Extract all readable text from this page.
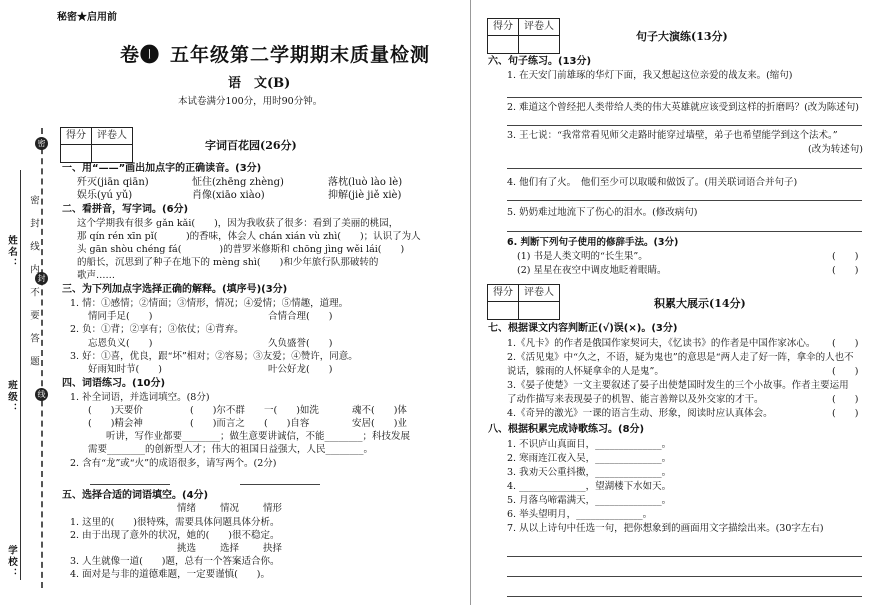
秘密★启用前
卷❶ 五年级第二学期期末质量检测
语　文(B)
本试卷满分100分，用时90分钟。
密
封
线
密　封　线　内　不　要　答　题
姓名：
班级：
学校：
得分	评卷人
字词百花园(26分)
一、用“——”画出加点字的正确读音。(3分)
歼灭(jiān qiān)	怔住(zhēng zhèng)	落枕(luò lào lè)
娱乐(yú yǔ)	肖像(xiāo xiào)	抑解(jiè jiě xiè)
二、看拼音，写字词。(6分)
这个学期我有很多 gǎn kǎi(　　)，因为我收获了很多：看到了美丽的桃园，
那 qín rén xīn pǐ(　　　)的香味，体会人 chán xián vù zhì(　　)；认识了为人
头 gān shòu chéng fá(　　　　)的普罗米修斯和 chōng jìng wěi lái(　　)
的船长，沉思到了种子在地下的 mèng shì(　　)和少年旅行队那破转的
歌声……
三、为下列加点字选择正确的解释。(填序号)(3分)
1. 情：①感情；②情面；③情形，情况；④爱情；⑤情趣，道理。
情同手足(　　)	合情合理(　　)
2. 负：①背；②享有；③依仗；④背弃。
忘恩负义(　　)	久负盛誉(　　)
3. 好：①喜，优良，跟“坏”相对；②容易；③友爱；④赞许，同意。
好雨知时节(　　)	叶公好龙(　　)
四、词语练习。(10分)
1. 补全词语，并选词填空。(8分)
(　　)天要价	(　　)尔不群 一(　　)如洗	魂不(　　)体
(　　)精会神	(　　)而言之 (　　)自容	安居(　　)业
听讲，写作业都要________；做生意要讲诚信，不能________；科技发展
需要________的创新型人才；伟大的祖国日益强大，人民________。
2. 含有“龙”或“火”的成语很多，请写两个。(2分)
五、选择合适的词语填空。(4分)
情绪	情况	情形
1. 这里的(　　)很特殊，需要具体问题具体分析。
2. 由于出现了意外的状况，她的(　　)很不稳定。
挑选	选择	抉择
3. 人生就像一道(　　)题，总有一个答案适合你。
4. 面对是与非的道德难题，一定要谨慎(　　)。
得分	评卷人
句子大演练(13分)
六、句子练习。(13分)
1. 在天安门前雄琢的华灯下面，我又想起这位亲爱的战友来。(缩句)
2. 难道这个曾经把人类带给人类的伟大英雄就应该受到这样的折磨吗？(改为陈述句)
3. 王七说：“我常常看见师父走路时能穿过墙壁，弟子也希望能学到这个法术。”
(改为转述句)
4. 他们有了火。　他们至少可以取暖和做饭了。(用关联词语合并句子)
5. 奶奶难过地流下了伤心的泪水。(修改病句)
6. 判断下列句子使用的修辞手法。(3分)
(1) 书是人类文明的“长生果”。	(　　)
(2) 星星在夜空中调皮地眨着眼睛。	(　　)
得分	评卷人
积累大展示(14分)
七、根据课文内容判断正(√)误(×)。(3分)
1.《凡卡》的作者是俄国作家契诃夫，《忆读书》的作者是中国作家冰心。 (　　)
2.《活见鬼》中“久之，不语，疑为鬼也”的意思是“两人走了好一阵，拿伞的人也不
说话，躲雨的人怀疑拿伞的人是鬼”。	(　　)
3.《晏子使楚》一文主要叙述了晏子出使楚国时发生的三个小故事。作者主要运用
了动作描写来表现晏子的机智、能言善辩以及外交家的才干。	(　　)
4.《奇异的激光》一课的语言生动、形象，阅读时应认真体会。	(　　)
八、根据积累完成诗歌练习。(8分)
1. 不识庐山真面目，______________。
2. 寒雨连江夜入吴，______________。
3. 我劝天公重抖擞，______________。
4. ______________，望湖楼下水如天。
5. 月落乌啼霜满天，______________。
6. 举头望明月，______________。
7. 从以上诗句中任选一句，把你想象到的画面用文字描绘出来。(30字左右)
